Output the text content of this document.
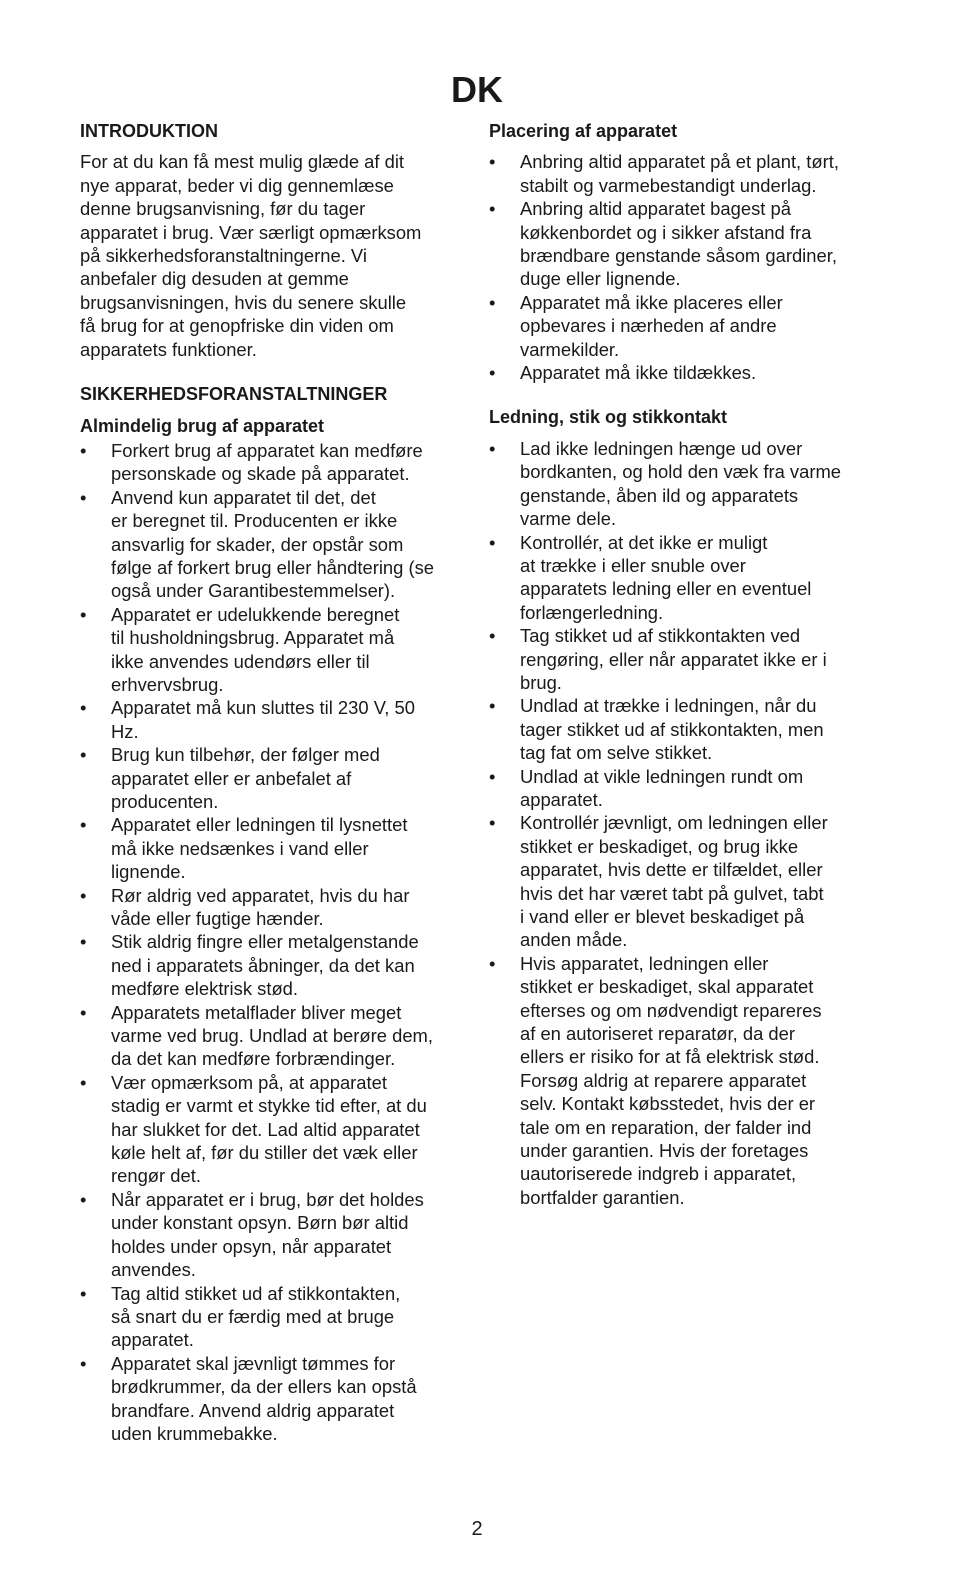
DK
INTRODUKTION

For at du kan få mest mulig glæde af dit
nye apparat, beder vi dig gennemlæse
denne brugsanvisning, før du tager
apparatet i brug. Vær særligt opmærksom
på sikkerhedsforanstaltningerne. Vi
anbefaler dig desuden at gemme
brugsanvisningen, hvis du senere skulle
få brug for at genopfriske din viden om
apparatets funktioner.

SIKKERHEDSFORANSTALTNINGER
Almindelig brug af apparatet
•	Forkert brug af apparatet kan medføre
personskade og skade på apparatet.
•	Anvend kun apparatet til det, det
er beregnet til. Producenten er ikke
ansvarlig for skader, der opstår som
følge af forkert brug eller håndtering (se
også under Garantibestemmelser).
•	Apparatet er udelukkende beregnet
til husholdningsbrug. Apparatet må
ikke anvendes udendørs eller til
erhvervsbrug.
•	Apparatet må kun sluttes til 230 V, 50
Hz.
•	Brug kun tilbehør, der følger med
apparatet eller er anbefalet af
producenten.
•	Apparatet eller ledningen til lysnettet
må ikke nedsænkes i vand eller
lignende.
•	Rør aldrig ved apparatet, hvis du har
våde eller fugtige hænder.
•	Stik aldrig fingre eller metalgenstande
ned i apparatets åbninger, da det kan
medføre elektrisk stød.
•	Apparatets metalflader bliver meget
varme ved brug. Undlad at berøre dem,
da det kan medføre forbrændinger.
•	Vær opmærksom på, at apparatet
stadig er varmt et stykke tid efter, at du
har slukket for det. Lad altid apparatet
køle helt af, før du stiller det væk eller
rengør det.
•	Når apparatet er i brug, bør det holdes
under konstant opsyn. Børn bør altid
holdes under opsyn, når apparatet
anvendes.
•	Tag altid stikket ud af stikkontakten,
så snart du er færdig med at bruge
apparatet.
•	Apparatet skal jævnligt tømmes for
brødkrummer, da der ellers kan opstå
brandfare. Anvend aldrig apparatet
uden krummebakke.
Placering af apparatet
•	Anbring altid apparatet på et plant, tørt,
stabilt og varmebestandigt underlag.
•	Anbring altid apparatet bagest på
køkkenbordet og i sikker afstand fra
brændbare genstande såsom gardiner,
duge eller lignende.
•	Apparatet må ikke placeres eller
opbevares i nærheden af andre
varmekilder.
•	Apparatet må ikke tildækkes.
Ledning, stik og stikkontakt
•	Lad ikke ledningen hænge ud over
bordkanten, og hold den væk fra varme
genstande, åben ild og apparatets
varme dele.
•	Kontrollér, at det ikke er muligt
at trække i eller snuble over
apparatets ledning eller en eventuel
forlængerledning.
•	Tag stikket ud af stikkontakten ved
rengøring, eller når apparatet ikke er i
brug.
•	Undlad at trække i ledningen, når du
tager stikket ud af stikkontakten, men
tag fat om selve stikket.
•	Undlad at vikle ledningen rundt om
apparatet.
•	Kontrollér jævnligt, om ledningen eller
stikket er beskadiget, og brug ikke
apparatet, hvis dette er tilfældet, eller
hvis det har været tabt på gulvet, tabt
i vand eller er blevet beskadiget på
anden måde.
•	Hvis apparatet, ledningen eller
stikket er beskadiget, skal apparatet
efterses og om nødvendigt repareres
af en autoriseret reparatør, da der
ellers er risiko for at få elektrisk stød.
Forsøg aldrig at reparere apparatet
selv. Kontakt købsstedet, hvis der er
tale om en reparation, der falder ind
under garantien. Hvis der foretages
uautoriserede indgreb i apparatet,
bortfalder garantien.
2
